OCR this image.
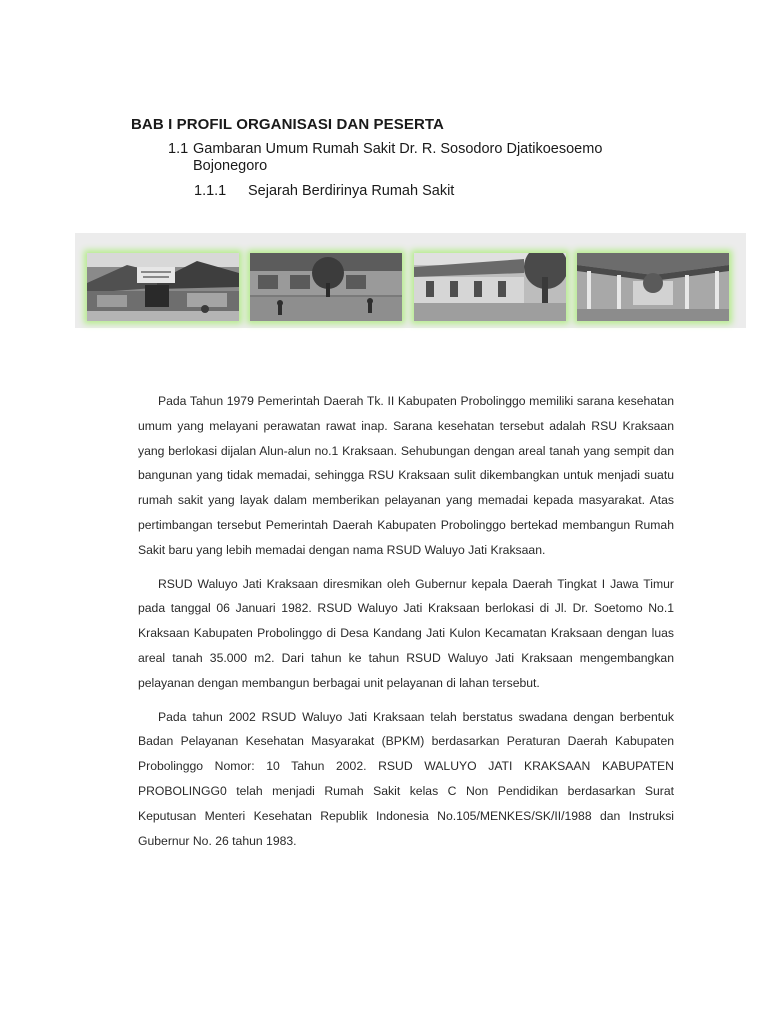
BAB I PROFIL ORGANISASI DAN PESERTA
1.1 Gambaran Umum Rumah Sakit Dr. R. Sosodoro Djatikoesoemo
Bojonegoro
1.1.1 Sejarah Berdirinya Rumah Sakit

Pada Tahun 1979 Pemerintah Daerah Tk. II Kabupaten Probolinggo memiliki sarana kesehatan umum yang melayani perawatan rawat inap. Sarana kesehatan tersebut adalah RSU Kraksaan yang berlokasi dijalan Alun-alun no.1 Kraksaan. Sehubungan dengan areal tanah yang sempit dan bangunan yang tidak memadai, sehingga RSU Kraksaan sulit dikembangkan untuk menjadi suatu rumah sakit yang layak dalam memberikan pelayanan yang memadai kepada masyarakat. Atas pertimbangan tersebut Pemerintah Daerah Kabupaten Probolinggo bertekad membangun Rumah Sakit baru yang lebih memadai dengan nama RSUD Waluyo Jati Kraksaan.

RSUD Waluyo Jati Kraksaan diresmikan oleh Gubernur kepala Daerah Tingkat I Jawa Timur pada tanggal 06 Januari 1982. RSUD Waluyo Jati Kraksaan berlokasi di Jl. Dr. Soetomo No.1 Kraksaan Kabupaten Probolinggo di Desa Kandang Jati Kulon Kecamatan Kraksaan dengan luas areal tanah 35.000 m2. Dari tahun ke tahun RSUD Waluyo Jati Kraksaan mengembangkan pelayanan dengan membangun berbagai unit pelayanan di lahan tersebut.

Pada tahun 2002 RSUD Waluyo Jati Kraksaan telah berstatus swadana dengan berbentuk Badan Pelayanan Kesehatan Masyarakat (BPKM) berdasarkan Peraturan Daerah Kabupaten Probolinggo Nomor: 10 Tahun 2002. RSUD WALUYO JATI KRAKSAAN KABUPATEN PROBOLINGG0 telah menjadi Rumah Sakit kelas C Non Pendidikan berdasarkan Surat Keputusan Menteri Kesehatan Republik Indonesia No.105/MENKES/SK/II/1988 dan Instruksi Gubernur No. 26 tahun 1983.
